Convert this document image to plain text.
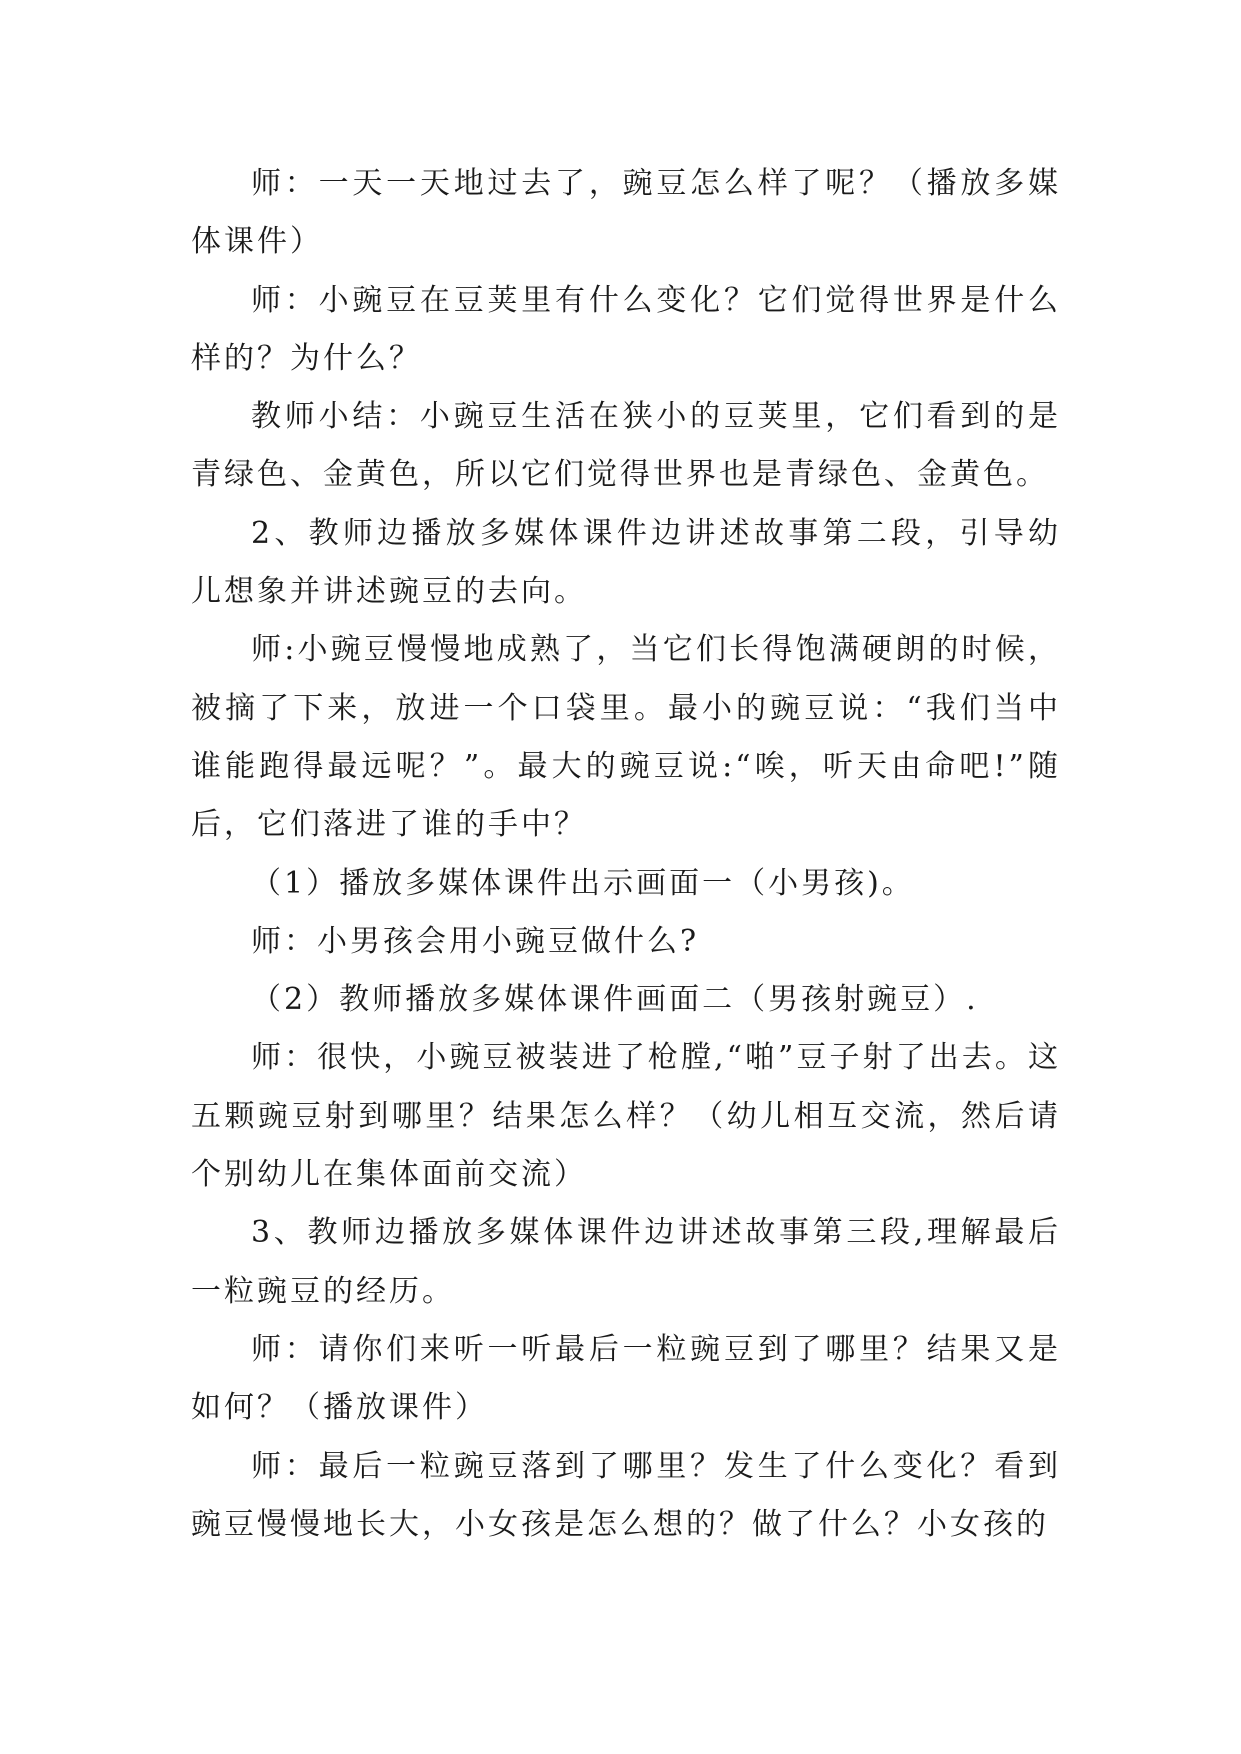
师：一天一天地过去了，豌豆怎么样了呢？（播放多媒体课件）

师：小豌豆在豆荚里有什么变化？它们觉得世界是什么样的？为什么？

教师小结：小豌豆生活在狭小的豆荚里，它们看到的是青绿色、金黄色，所以它们觉得世界也是青绿色、金黄色。

2、教师边播放多媒体课件边讲述故事第二段，引导幼儿想象并讲述豌豆的去向。

师:小豌豆慢慢地成熟了，当它们长得饱满硬朗的时候，被摘了下来，放进一个口袋里。最小的豌豆说：“我们当中谁能跑得最远呢？”。最大的豌豆说:“唉，听天由命吧!”随后，它们落进了谁的手中？

（1）播放多媒体课件出示画面一（小男孩)。

师：小男孩会用小豌豆做什么?

（2）教师播放多媒体课件画面二（男孩射豌豆）.

师：很快，小豌豆被装进了枪膛,“啪”豆子射了出去。这五颗豌豆射到哪里？结果怎么样？（幼儿相互交流，然后请个别幼儿在集体面前交流）

3、教师边播放多媒体课件边讲述故事第三段,理解最后一粒豌豆的经历。

师：请你们来听一听最后一粒豌豆到了哪里？结果又是如何？（播放课件）

师：最后一粒豌豆落到了哪里？发生了什么变化？看到豌豆慢慢地长大，小女孩是怎么想的？做了什么？小女孩的
